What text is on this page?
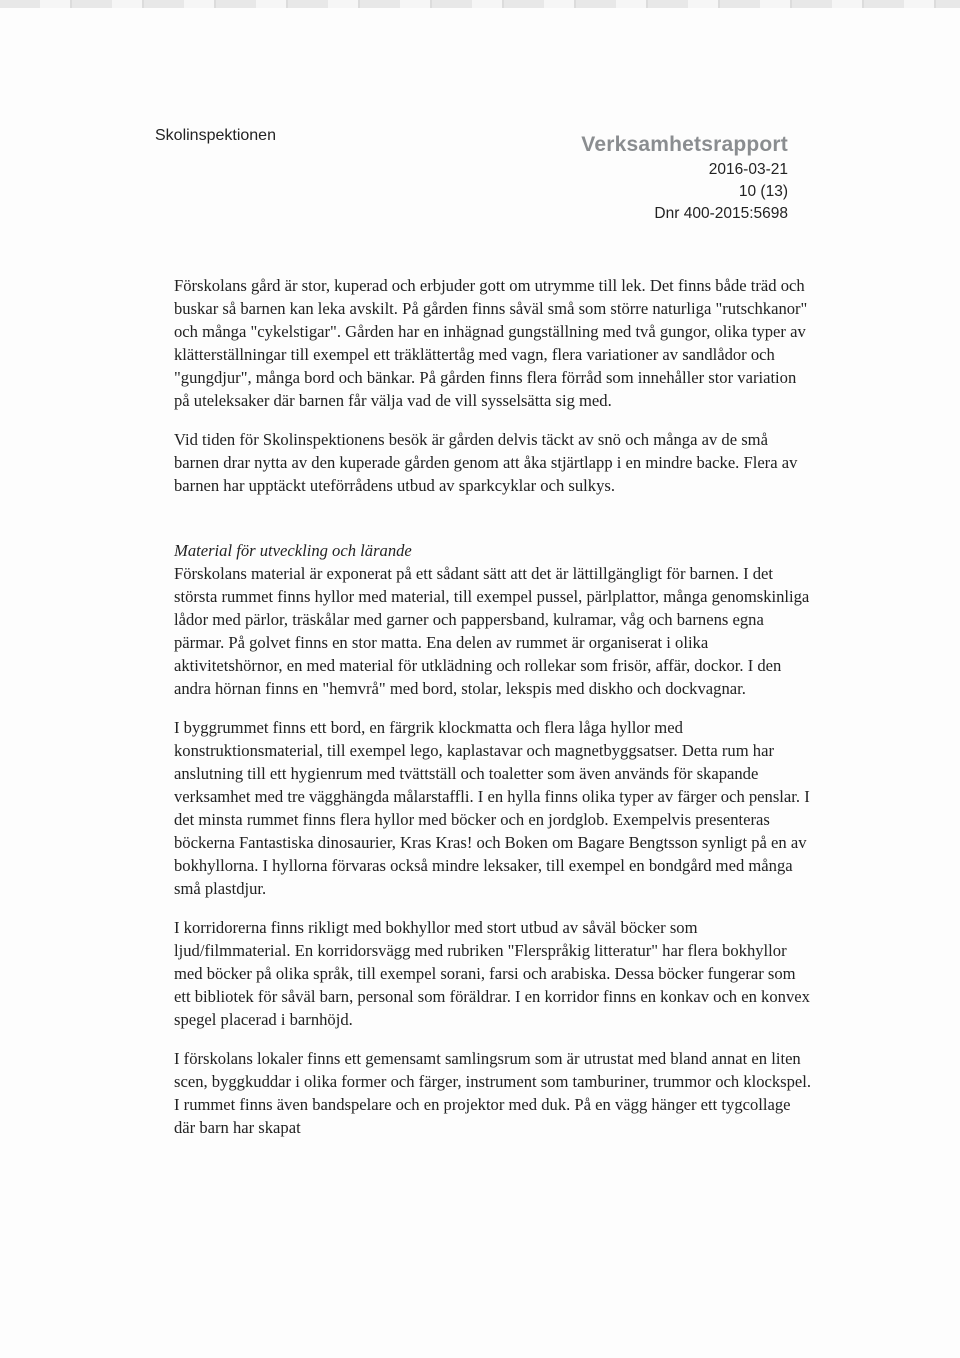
Skolinspektionen	Verksamhetsrapport
2016-03-21
10 (13)
Dnr 400-2015:5698

Förskolans gård är stor, kuperad och erbjuder gott om utrymme till lek. Det finns både träd och buskar så barnen kan leka avskilt. På gården finns såväl små som större naturliga "rutschkanor" och många "cykelstigar". Gården har en inhägnad gungställning med två gungor, olika typer av klätterställningar till exempel ett träklättertåg med vagn, flera variationer av sandlådor och "gungdjur", många bord och bänkar. På gården finns flera förråd som innehåller stor variation på uteleksaker där barnen får välja vad de vill sysselsätta sig med.

Vid tiden för Skolinspektionens besök är gården delvis täckt av snö och många av de små barnen drar nytta av den kuperade gården genom att åka stjärtlapp i en mindre backe. Flera av barnen har upptäckt uteförrådens utbud av sparkcyklar och sulkys.

Material för utveckling och lärande

Förskolans material är exponerat på ett sådant sätt att det är lättillgängligt för barnen. I det största rummet finns hyllor med material, till exempel pussel, pärlplattor, många genomskinliga lådor med pärlor, träskålar med garner och pappersband, kulramar, våg och barnens egna pärmar. På golvet finns en stor matta. Ena delen av rummet är organiserat i olika aktivitetshörnor, en med material för utklädning och rollekar som frisör, affär, dockor. I den andra hörnan finns en "hemvrå" med bord, stolar, lekspis med diskho och dockvagnar.

I byggrummet finns ett bord, en färgrik klockmatta och flera låga hyllor med konstruktionsmaterial, till exempel lego, kaplastavar och magnetbyggsatser. Detta rum har anslutning till ett hygienrum med tvättställ och toaletter som även används för skapande verksamhet med tre vägghängda målarstaffli. I en hylla finns olika typer av färger och penslar. I det minsta rummet finns flera hyllor med böcker och en jordglob. Exempelvis presenteras böckerna Fantastiska dinosaurier, Kras Kras! och Boken om Bagare Bengtsson synligt på en av bokhyllorna. I hyllorna förvaras också mindre leksaker, till exempel en bondgård med många små plastdjur.

I korridorerna finns rikligt med bokhyllor med stort utbud av såväl böcker som ljud/filmmaterial. En korridorsvägg med rubriken "Flerspråkig litteratur" har flera bokhyllor med böcker på olika språk, till exempel sorani, farsi och arabiska. Dessa böcker fungerar som ett bibliotek för såväl barn, personal som föräldrar. I en korridor finns en konkav och en konvex spegel placerad i barnhöjd.

I förskolans lokaler finns ett gemensamt samlingsrum som är utrustat med bland annat en liten scen, byggkuddar i olika former och färger, instrument som tamburiner, trummor och klockspel. I rummet finns även bandspelare och en projektor med duk. På en vägg hänger ett tygcollage där barn har skapat
